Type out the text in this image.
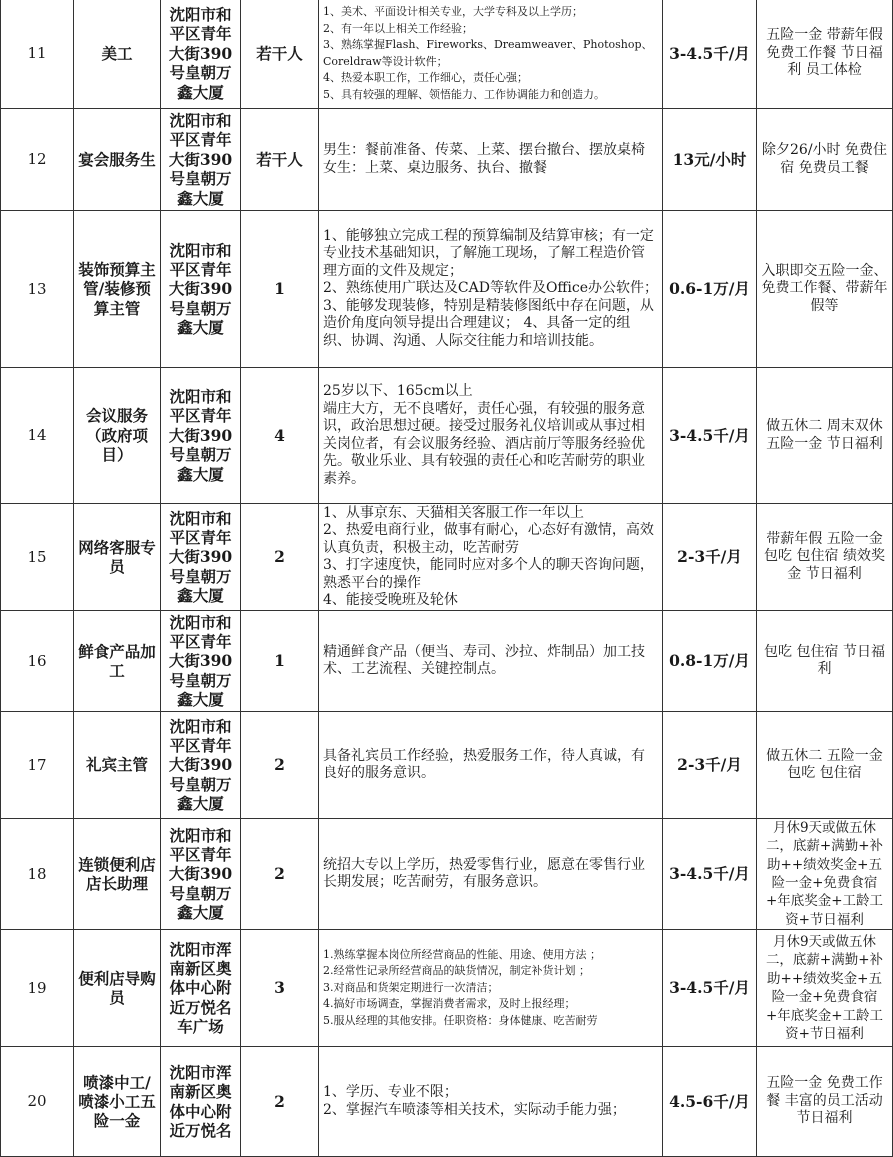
11	美工	沈阳市和平区青年大街390号皇朝万鑫大厦	若干人	1、美术、平面设计相关专业，大学专科及以上学历；
2、有一年以上相关工作经验；
3、熟练掌握Flash、Fireworks、Dreamweaver、Photoshop、Coreldraw等设计软件；
4、热爱本职工作，工作细心，责任心强；
5、具有较强的理解、领悟能力、工作协调能力和创造力。	3-4.5千/月	五险一金 带薪年假 免费工作餐 节日福利 员工体检
12	宴会服务生	沈阳市和平区青年大街390号皇朝万鑫大厦	若干人	男生：餐前准备、传菜、上菜、摆台撤台、摆放桌椅
女生：上菜、桌边服务、执台、撤餐	13元/小时	除夕26/小时 免费住宿 免费员工餐
13	装饰预算主管/装修预算主管	沈阳市和平区青年大街390号皇朝万鑫大厦	1	1、能够独立完成工程的预算编制及结算审核；有一定专业技术基础知识，了解施工现场，了解工程造价管理方面的文件及规定；
2、熟练使用广联达及CAD等软件及Office办公软件；
3、能够发现装修，特别是精装修图纸中存在问题，从造价角度向领导提出合理建议； 4、具备一定的组织、协调、沟通、人际交往能力和培训技能。	0.6-1万/月	入职即交五险一金、免费工作餐、带薪年假等
14	会议服务（政府项目）	沈阳市和平区青年大街390号皇朝万鑫大厦	4	25岁以下、165cm以上
端庄大方，无不良嗜好，责任心强，有较强的服务意识，政治思想过硬。接受过服务礼仪培训或从事过相关岗位者，有会议服务经验、酒店前厅等服务经验优先。敬业乐业、具有较强的责任心和吃苦耐劳的职业素养。	3-4.5千/月	做五休二 周末双休 五险一金 节日福利
15	网络客服专员	沈阳市和平区青年大街390号皇朝万鑫大厦	2	1、从事京东、天猫相关客服工作一年以上
2、热爱电商行业，做事有耐心，心态好有激情，高效认真负责，积极主动，吃苦耐劳
3、打字速度快，能同时应对多个人的聊天咨询问题，熟悉平台的操作
4、能接受晚班及轮休	2-3千/月	带薪年假 五险一金 包吃 包住宿 绩效奖金 节日福利
16	鲜食产品加工	沈阳市和平区青年大街390号皇朝万鑫大厦	1	精通鲜食产品（便当、寿司、沙拉、炸制品）加工技术、工艺流程、关键控制点。	0.8-1万/月	包吃 包住宿 节日福利
17	礼宾主管	沈阳市和平区青年大街390号皇朝万鑫大厦	2	具备礼宾员工作经验，热爱服务工作，待人真诚，有良好的服务意识。	2-3千/月	做五休二 五险一金 包吃 包住宿
18	连锁便利店店长助理	沈阳市和平区青年大街390号皇朝万鑫大厦	2	统招大专以上学历，热爱零售行业，愿意在零售行业长期发展；吃苦耐劳，有服务意识。	3-4.5千/月	月休9天或做五休二，底薪+满勤+补助++绩效奖金+五险一金+免费食宿+年底奖金+工龄工资+节日福利
19	便利店导购员	沈阳市浑南新区奥体中心附近万悦名车广场	3	1.熟练掌握本岗位所经营商品的性能、用途、使用方法 ；
2.经常性记录所经营商品的缺货情况，制定补货计划 ；
3.对商品和货架定期进行一次清洁；
4.搞好市场调查，掌握消费者需求，及时上报经理；
5.服从经理的其他安排。任职资格：身体健康、吃苦耐劳	3-4.5千/月	月休9天或做五休二，底薪+满勤+补助++绩效奖金+五险一金+免费食宿+年底奖金+工龄工资+节日福利
20	喷漆中工/喷漆小工五险一金	沈阳市浑南新区奥体中心附近万悦名	2	1、学历、专业不限；
2、掌握汽车喷漆等相关技术，实际动手能力强；	4.5-6千/月	五险一金 免费工作餐 丰富的员工活动 节日福利
